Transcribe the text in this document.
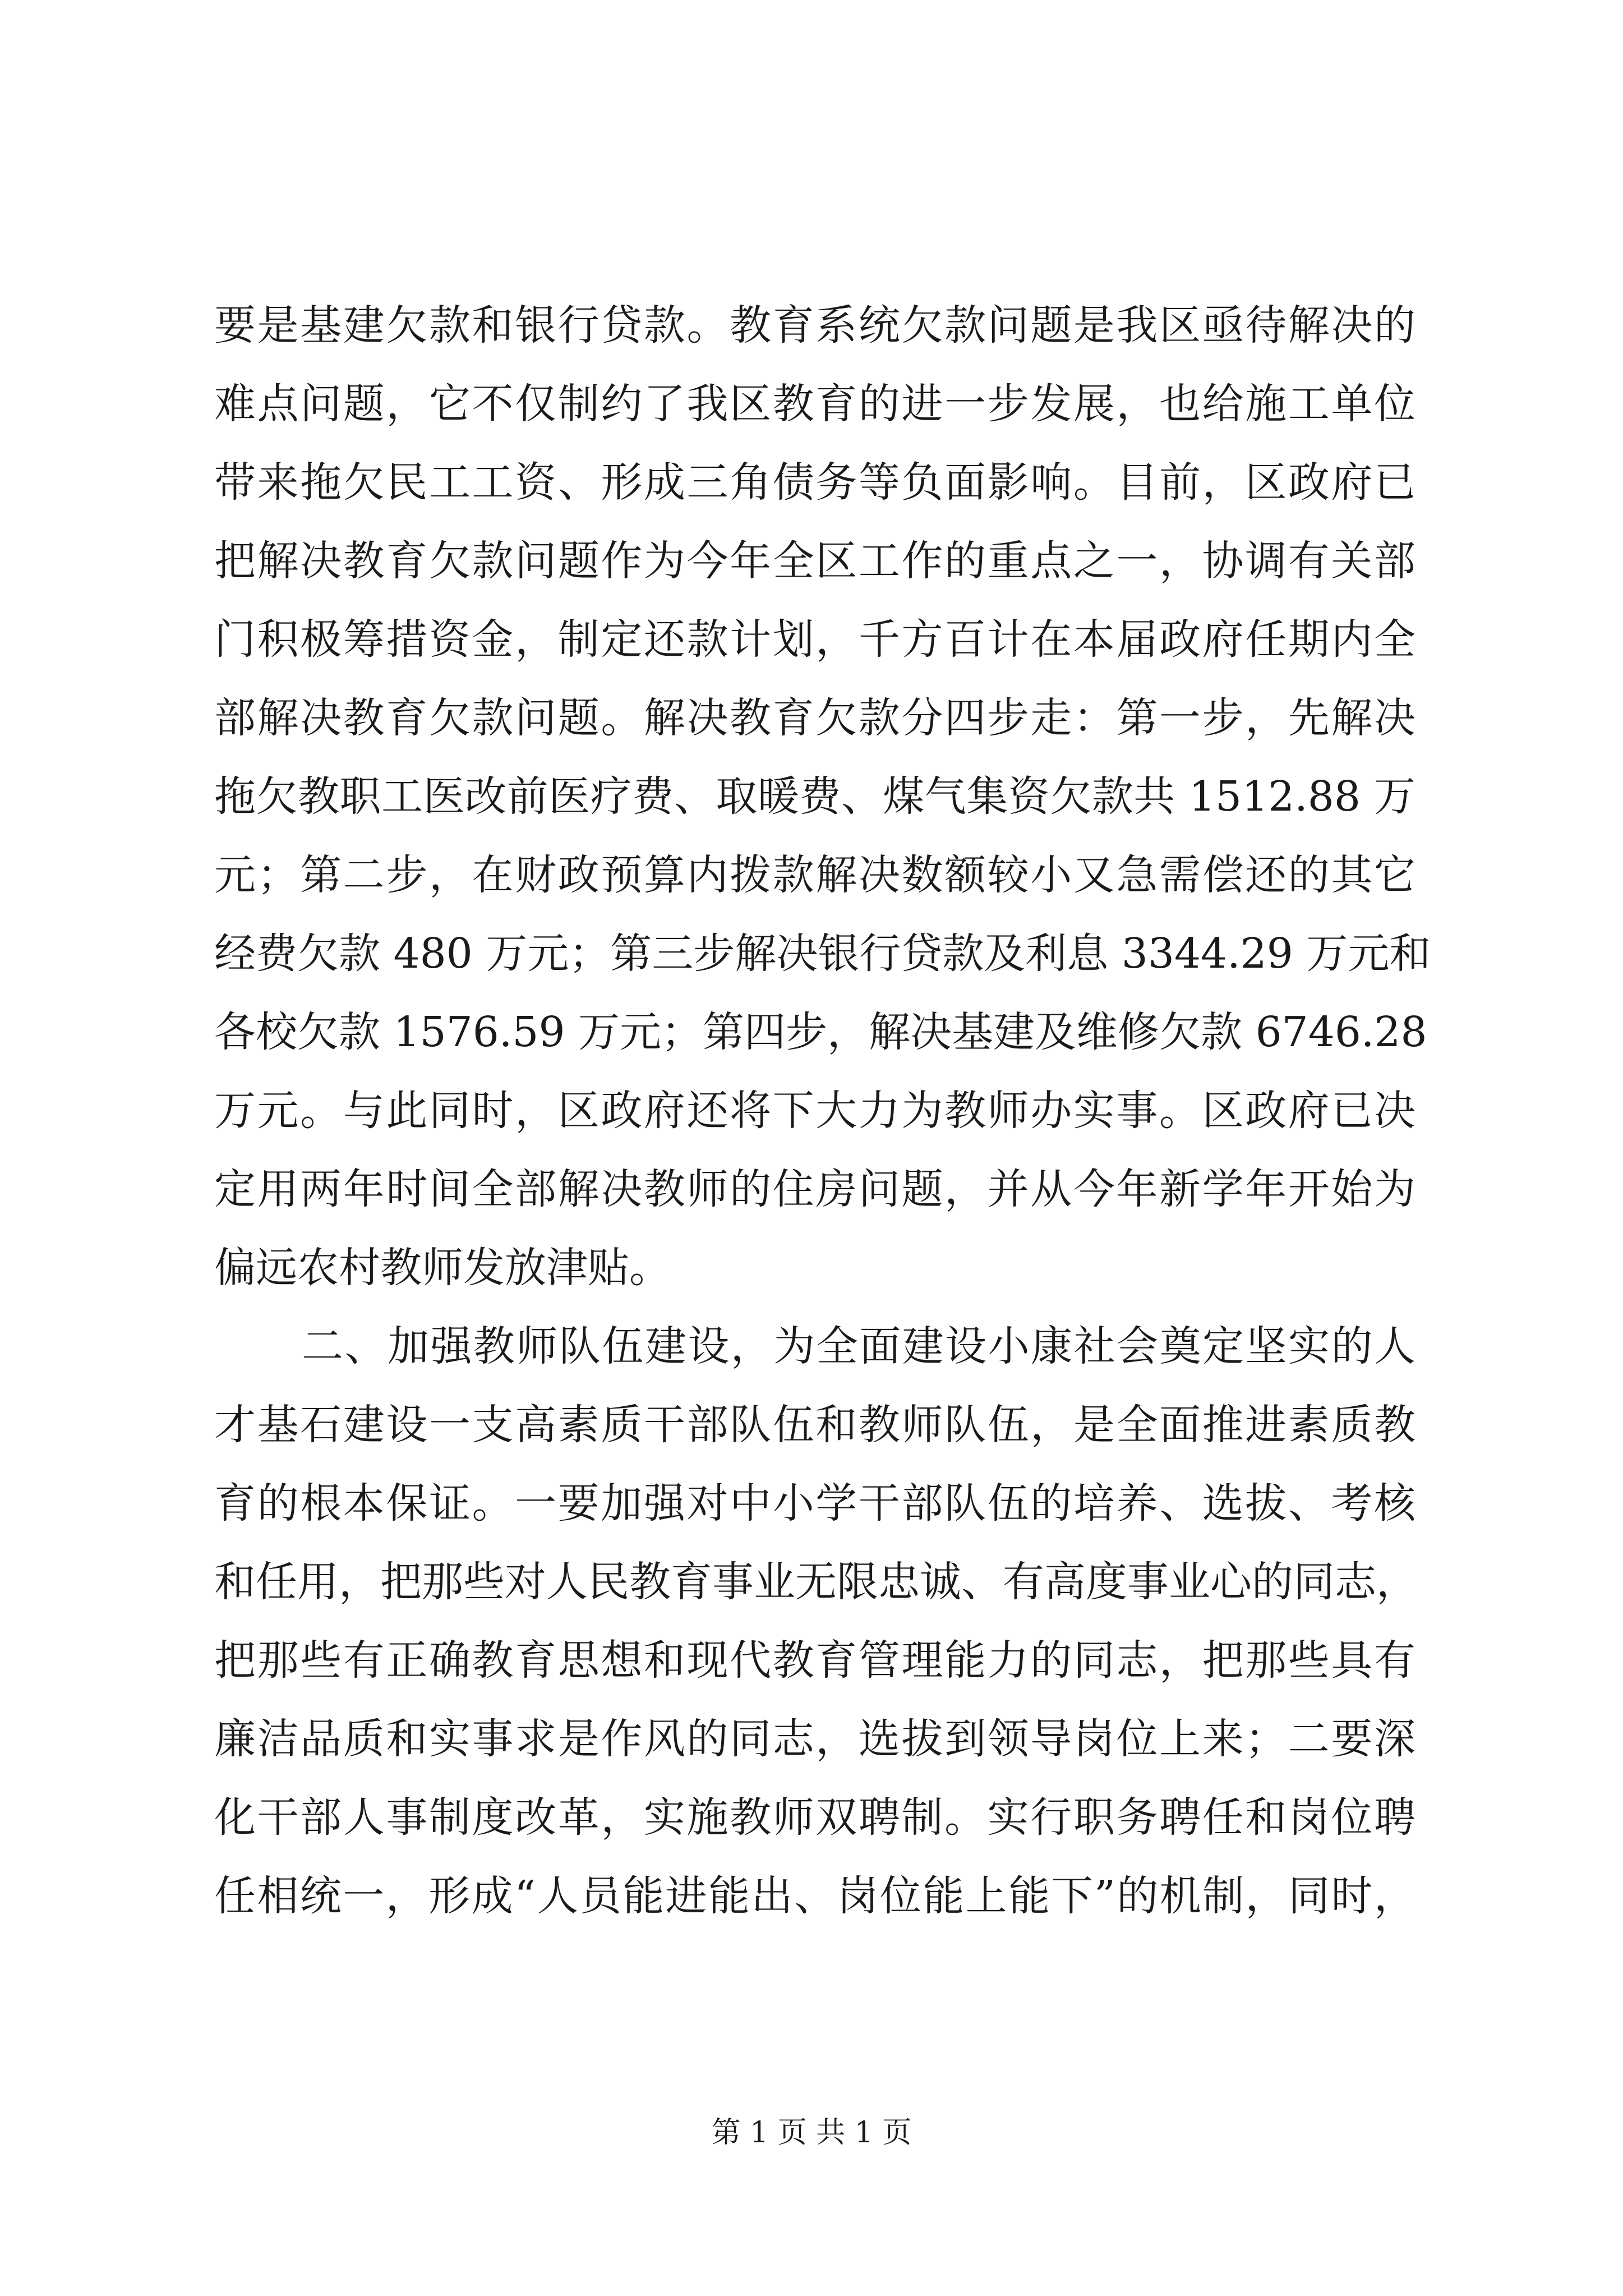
要是基建欠款和银行贷款。教育系统欠款问题是我区亟待解决的
难点问题，它不仅制约了我区教育的进一步发展，也给施工单位
带来拖欠民工工资、形成三角债务等负面影响。目前，区政府已
把解决教育欠款问题作为今年全区工作的重点之一，协调有关部
门积极筹措资金，制定还款计划，千方百计在本届政府任期内全
部解决教育欠款问题。解决教育欠款分四步走：第一步，先解决
拖欠教职工医改前医疗费、取暖费、煤气集资欠款共 1512.88 万
元；第二步，在财政预算内拨款解决数额较小又急需偿还的其它
经费欠款 480 万元；第三步解决银行贷款及利息 3344.29 万元和
各校欠款 1576.59 万元；第四步，解决基建及维修欠款 6746.28
万元。与此同时，区政府还将下大力为教师办实事。区政府已决
定用两年时间全部解决教师的住房问题，并从今年新学年开始为
偏远农村教师发放津贴。
二、加强教师队伍建设，为全面建设小康社会奠定坚实的人
才基石建设一支高素质干部队伍和教师队伍，是全面推进素质教
育的根本保证。一要加强对中小学干部队伍的培养、选拔、考核
和任用，把那些对人民教育事业无限忠诚、有高度事业心的同志，
把那些有正确教育思想和现代教育管理能力的同志，把那些具有
廉洁品质和实事求是作风的同志，选拔到领导岗位上来；二要深
化干部人事制度改革，实施教师双聘制。实行职务聘任和岗位聘
任相统一，形成“人员能进能出、岗位能上能下”的机制，同时，
第 1 页 共 1 页
